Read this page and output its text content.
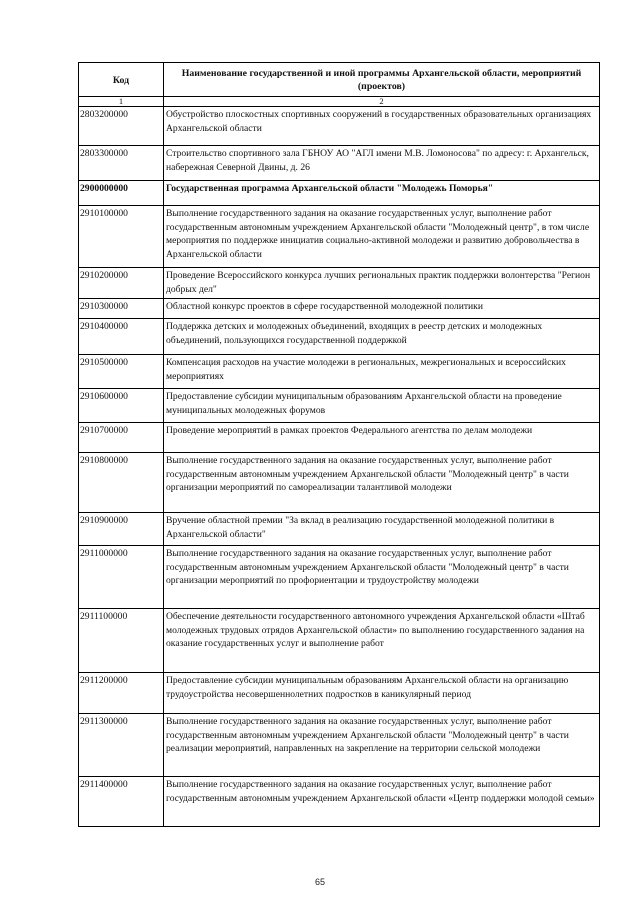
Код	Наименование государственной и иной программы Архангельской области, мероприятий (проектов)
1	2
2803200000	Обустройство плоскостных спортивных сооружений в государственных образовательных организациях Архангельской области
2803300000	Строительство спортивного зала ГБНОУ АО "АГЛ имени М.В. Ломоносова" по адресу: г. Архангельск, набережная Северной Двины, д. 26
2900000000	Государственная программа Архангельской области "Молодежь Поморья"
2910100000	Выполнение государственного задания на оказание государственных услуг, выполнение работ государственным автономным учреждением Архангельской области "Молодежный центр", в том числе мероприятия по поддержке инициатив социально-активной молодежи и развитию добровольчества в Архангельской области
2910200000	Проведение Всероссийского конкурса лучших региональных практик поддержки волонтерства "Регион добрых дел"
2910300000	Областной конкурс проектов в сфере государственной молодежной политики
2910400000	Поддержка детских и молодежных объединений, входящих в реестр детских и молодежных объединений, пользующихся государственной поддержкой
2910500000	Компенсация расходов на участие молодежи в региональных, межрегиональных и всероссийских мероприятиях
2910600000	Предоставление субсидии муниципальным образованиям Архангельской области на проведение муниципальных молодежных форумов
2910700000	Проведение мероприятий в рамках проектов Федерального агентства по делам молодежи
2910800000	Выполнение государственного задания на оказание государственных услуг, выполнение работ государственным автономным учреждением Архангельской области "Молодежный центр" в части организации мероприятий по самореализации талантливой молодежи
2910900000	Вручение областной премии "За вклад в реализацию государственной молодежной политики в Архангельской области"
2911000000	Выполнение государственного задания на оказание государственных услуг, выполнение работ государственным автономным учреждением Архангельской области "Молодежный центр" в части организации мероприятий по профориентации и трудоустройству молодежи
2911100000	Обеспечение деятельности государственного автономного учреждения Архангельской области «Штаб молодежных трудовых отрядов Архангельской области» по выполнению государственного задания на оказание государственных услуг и выполнение работ
2911200000	Предоставление субсидии муниципальным образованиям Архангельской области на организацию трудоустройства несовершеннолетних подростков в каникулярный период
2911300000	Выполнение государственного задания на оказание государственных услуг, выполнение работ государственным автономным учреждением Архангельской области "Молодежный центр" в части реализации мероприятий, направленных на закрепление на территории сельской молодежи
2911400000	Выполнение государственного задания на оказание государственных услуг, выполнение работ государственным автономным учреждением Архангельской области «Центр поддержки молодой семьи»
65
